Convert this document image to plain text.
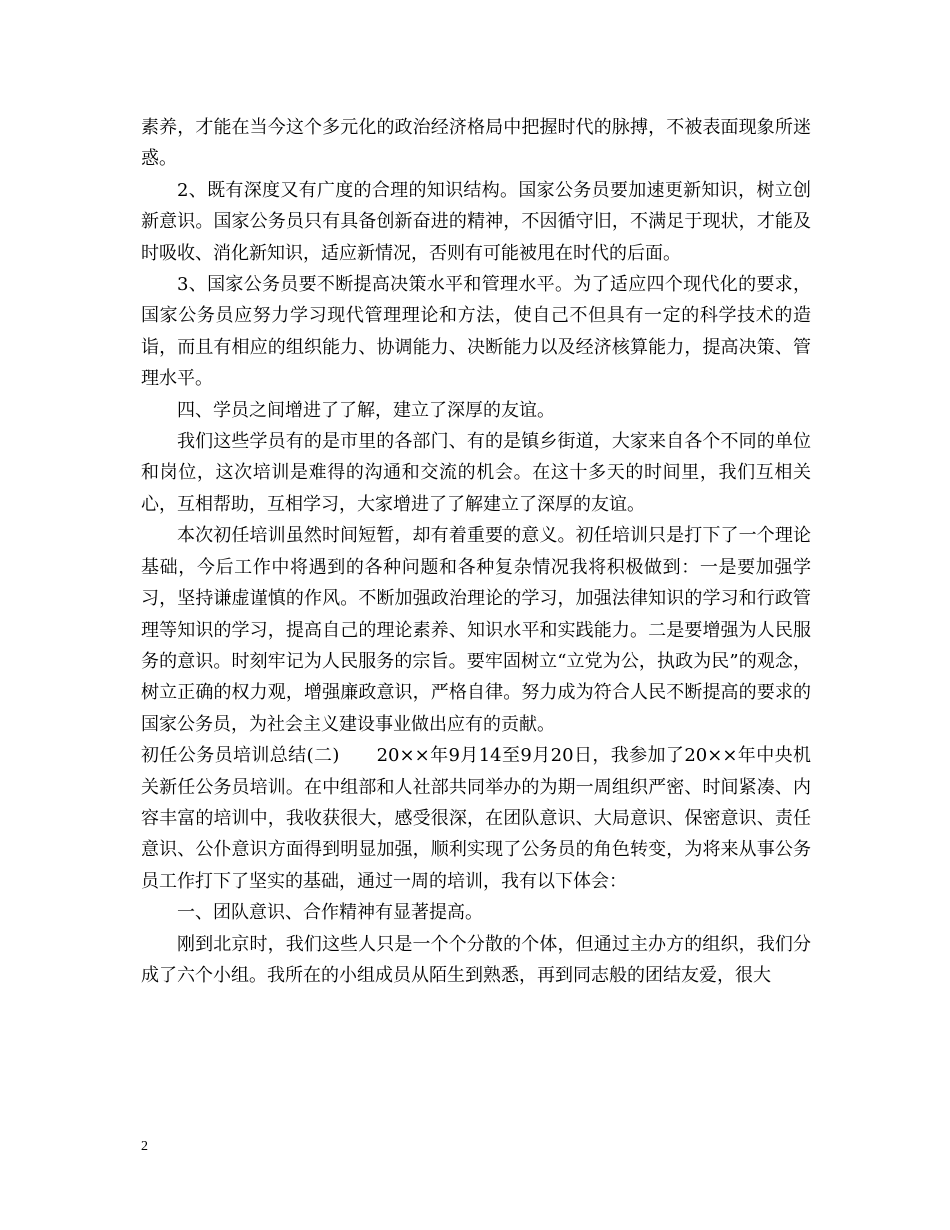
素养，才能在当今这个多元化的政治经济格局中把握时代的脉搏，不被表面现象所迷惑。

2、既有深度又有广度的合理的知识结构。国家公务员要加速更新知识，树立创新意识。国家公务员只有具备创新奋进的精神，不因循守旧，不满足于现状，才能及时吸收、消化新知识，适应新情况，否则有可能被甩在时代的后面。

3、国家公务员要不断提高决策水平和管理水平。为了适应四个现代化的要求，国家公务员应努力学习现代管理理论和方法，使自己不但具有一定的科学技术的造诣，而且有相应的组织能力、协调能力、决断能力以及经济核算能力，提高决策、管理水平。

四、学员之间增进了了解，建立了深厚的友谊。

我们这些学员有的是市里的各部门、有的是镇乡街道，大家来自各个不同的单位和岗位，这次培训是难得的沟通和交流的机会。在这十多天的时间里，我们互相关心，互相帮助，互相学习，大家增进了了解建立了深厚的友谊。

本次初任培训虽然时间短暂，却有着重要的意义。初任培训只是打下了一个理论基础，今后工作中将遇到的各种问题和各种复杂情况我将积极做到：一是要加强学习，坚持谦虚谨慎的作风。不断加强政治理论的学习，加强法律知识的学习和行政管理等知识的学习，提高自己的理论素养、知识水平和实践能力。二是要增强为人民服务的意识。时刻牢记为人民服务的宗旨。要牢固树立“立党为公，执政为民”的观念，树立正确的权力观，增强廉政意识，严格自律。努力成为符合人民不断提高的要求的国家公务员，为社会主义建设事业做出应有的贡献。

初任公务员培训总结(二)　　20××年9月14至9月20日，我参加了20××年中央机关新任公务员培训。在中组部和人社部共同举办的为期一周组织严密、时间紧凑、内容丰富的培训中，我收获很大，感受很深，在团队意识、大局意识、保密意识、责任意识、公仆意识方面得到明显加强，顺利实现了公务员的角色转变，为将来从事公务员工作打下了坚实的基础，通过一周的培训，我有以下体会：

一、团队意识、合作精神有显著提高。

刚到北京时，我们这些人只是一个个分散的个体，但通过主办方的组织，我们分成了六个小组。我所在的小组成员从陌生到熟悉，再到同志般的团结友爱，很大

2
